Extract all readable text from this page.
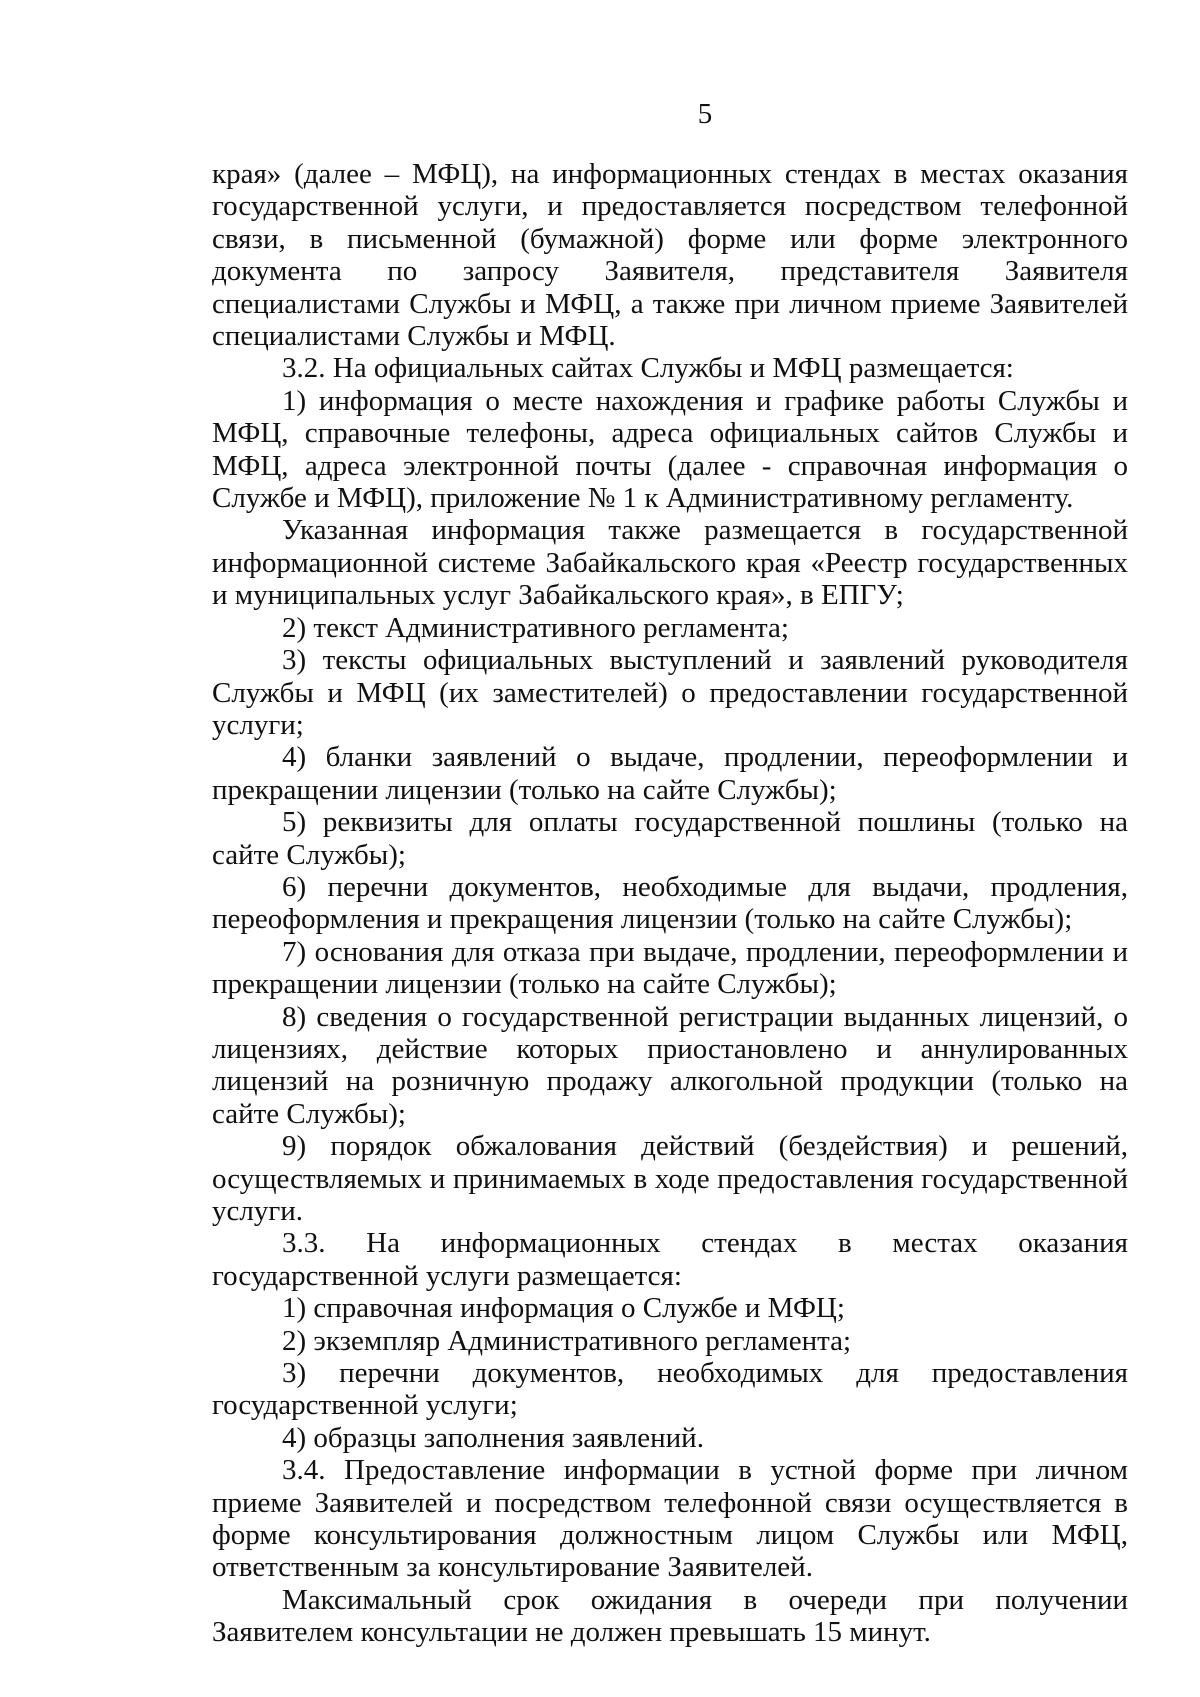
5

края» (далее – МФЦ), на информационных стендах в местах оказания государственной услуги, и предоставляется посредством телефонной связи, в письменной (бумажной) форме или форме электронного документа по запросу Заявителя, представителя Заявителя специалистами Службы и МФЦ, а также при личном приеме Заявителей специалистами Службы и МФЦ.

3.2. На официальных сайтах Службы и МФЦ размещается:

1) информация о месте нахождения и графике работы Службы и МФЦ, справочные телефоны, адреса официальных сайтов Службы и МФЦ, адреса электронной почты (далее - справочная информация о Службе и МФЦ), приложение № 1 к Административному регламенту.

Указанная информация также размещается в государственной информационной системе Забайкальского края «Реестр государственных и муниципальных услуг Забайкальского края», в ЕПГУ;

2) текст Административного регламента;

3) тексты официальных выступлений и заявлений руководителя Службы и МФЦ (их заместителей) о предоставлении государственной услуги;

4) бланки заявлений о выдаче, продлении, переоформлении и прекращении лицензии (только на сайте Службы);

5) реквизиты для оплаты государственной пошлины (только на сайте Службы);

6) перечни документов, необходимые для выдачи, продления, переоформления и прекращения лицензии (только на сайте Службы);

7) основания для отказа при выдаче, продлении, переоформлении и прекращении лицензии (только на сайте Службы);

8) сведения о государственной регистрации выданных лицензий, о лицензиях, действие которых приостановлено и аннулированных лицензий на розничную продажу алкогольной продукции (только на сайте Службы);

9) порядок обжалования действий (бездействия) и решений, осуществляемых и принимаемых в ходе предоставления государственной услуги.

3.3. На информационных стендах в местах оказания государственной услуги размещается:

1) справочная информация о Службе и МФЦ;

2) экземпляр Административного регламента;

3) перечни документов, необходимых для предоставления государственной услуги;

4) образцы заполнения заявлений.

3.4. Предоставление информации в устной форме при личном приеме Заявителей и посредством телефонной связи осуществляется в форме консультирования должностным лицом Службы или МФЦ, ответственным за консультирование Заявителей.

Максимальный срок ожидания в очереди при получении Заявителем консультации не должен превышать 15 минут.
